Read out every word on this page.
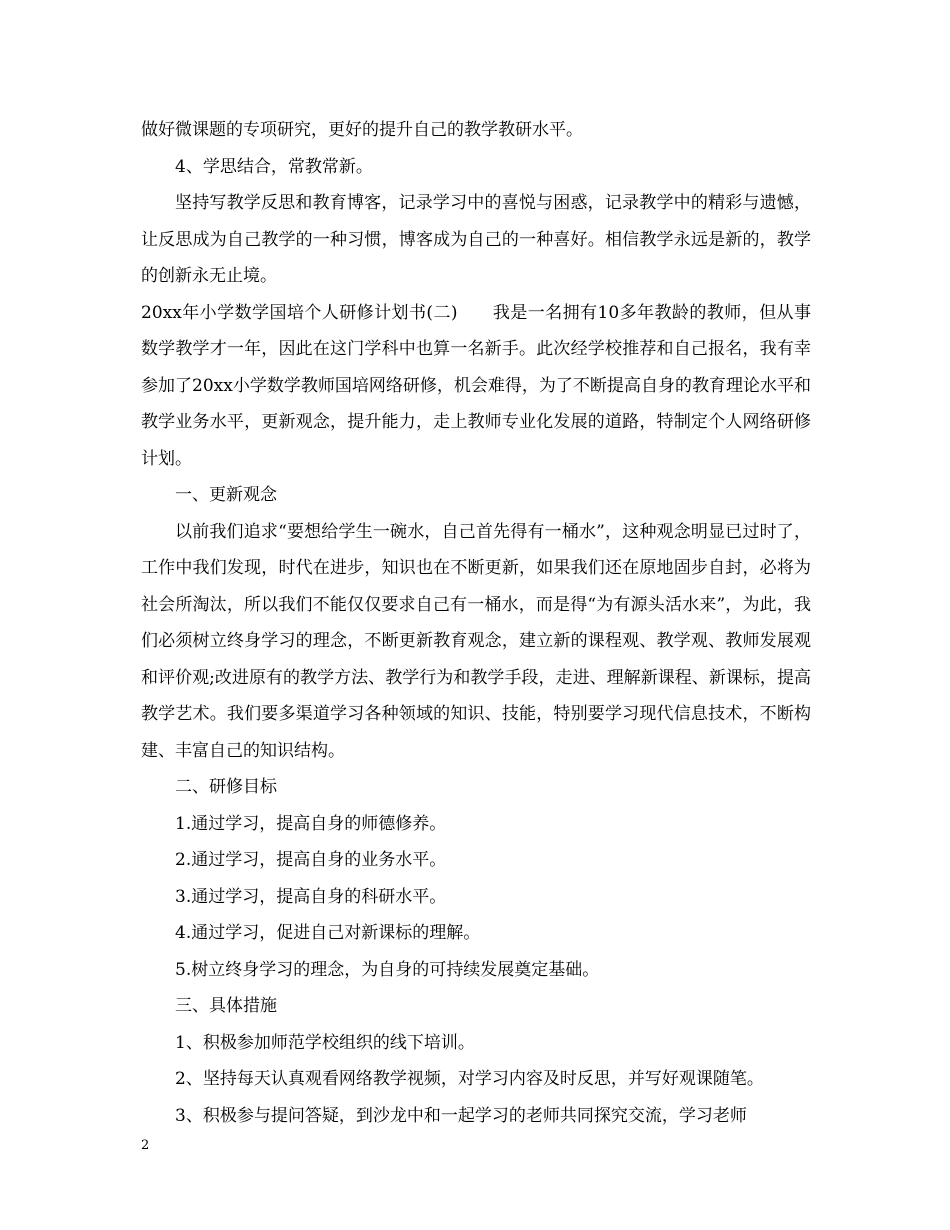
做好微课题的专项研究，更好的提升自己的教学教研水平。

4、学思结合，常教常新。

坚持写教学反思和教育博客，记录学习中的喜悦与困惑，记录教学中的精彩与遗憾，让反思成为自己教学的一种习惯，博客成为自己的一种喜好。相信教学永远是新的，教学的创新永无止境。

20xx年小学数学国培个人研修计划书(二)　　我是一名拥有10多年教龄的教师，但从事数学教学才一年，因此在这门学科中也算一名新手。此次经学校推荐和自己报名，我有幸参加了20xx小学数学教师国培网络研修，机会难得，为了不断提高自身的教育理论水平和教学业务水平，更新观念，提升能力，走上教师专业化发展的道路，特制定个人网络研修计划。

一、更新观念

以前我们追求“要想给学生一碗水，自己首先得有一桶水”，这种观念明显已过时了，工作中我们发现，时代在进步，知识也在不断更新，如果我们还在原地固步自封，必将为社会所淘汰，所以我们不能仅仅要求自己有一桶水，而是得“为有源头活水来”，为此，我们必须树立终身学习的理念，不断更新教育观念，建立新的课程观、教学观、教师发展观和评价观;改进原有的教学方法、教学行为和教学手段，走进、理解新课程、新课标，提高教学艺术。我们要多渠道学习各种领域的知识、技能，特别要学习现代信息技术，不断构建、丰富自己的知识结构。

二、研修目标

1.通过学习，提高自身的师德修养。

2.通过学习，提高自身的业务水平。

3.通过学习，提高自身的科研水平。

4.通过学习，促进自己对新课标的理解。

5.树立终身学习的理念，为自身的可持续发展奠定基础。

三、具体措施

1、积极参加师范学校组织的线下培训。

2、坚持每天认真观看网络教学视频，对学习内容及时反思，并写好观课随笔。

3、积极参与提问答疑，到沙龙中和一起学习的老师共同探究交流，学习老师

2
